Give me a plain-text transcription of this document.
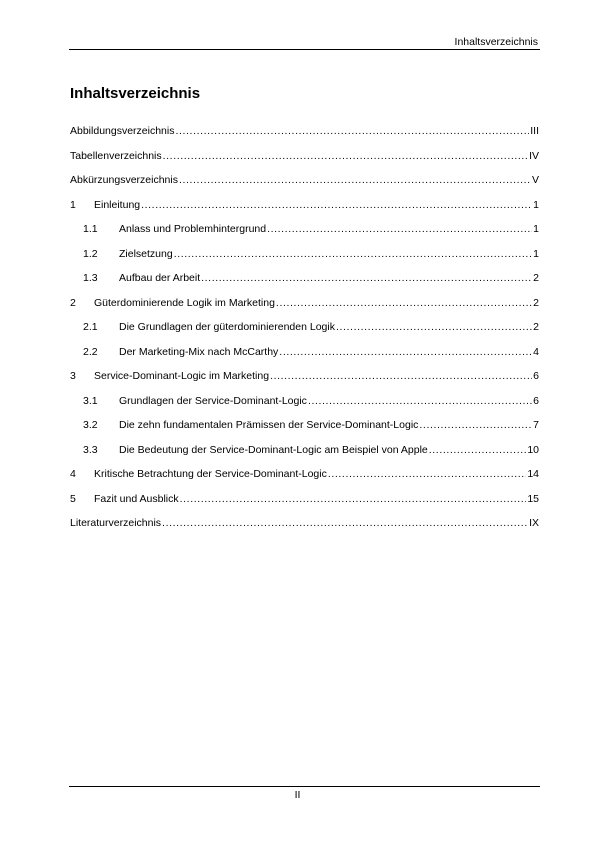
Inhaltsverzeichnis
Inhaltsverzeichnis
Abbildungsverzeichnis .....	III
Tabellenverzeichnis .....	IV
Abkürzungsverzeichnis .....	V
1	Einleitung .....	1
1.1	Anlass und Problemhintergrund .....	1
1.2	Zielsetzung .....	1
1.3	Aufbau der Arbeit .....	2
2	Güterdominierende Logik im Marketing .....	2
2.1	Die Grundlagen der güterdominierenden Logik .....	2
2.2	Der Marketing-Mix nach McCarthy .....	4
3	Service-Dominant-Logic im Marketing .....	6
3.1	Grundlagen der Service-Dominant-Logic .....	6
3.2	Die zehn fundamentalen Prämissen der Service-Dominant-Logic .....	7
3.3	Die Bedeutung der Service-Dominant-Logic am Beispiel von Apple .....	10
4	Kritische Betrachtung der Service-Dominant-Logic .....	14
5	Fazit und Ausblick .....	15
Literaturverzeichnis .....	IX
II
